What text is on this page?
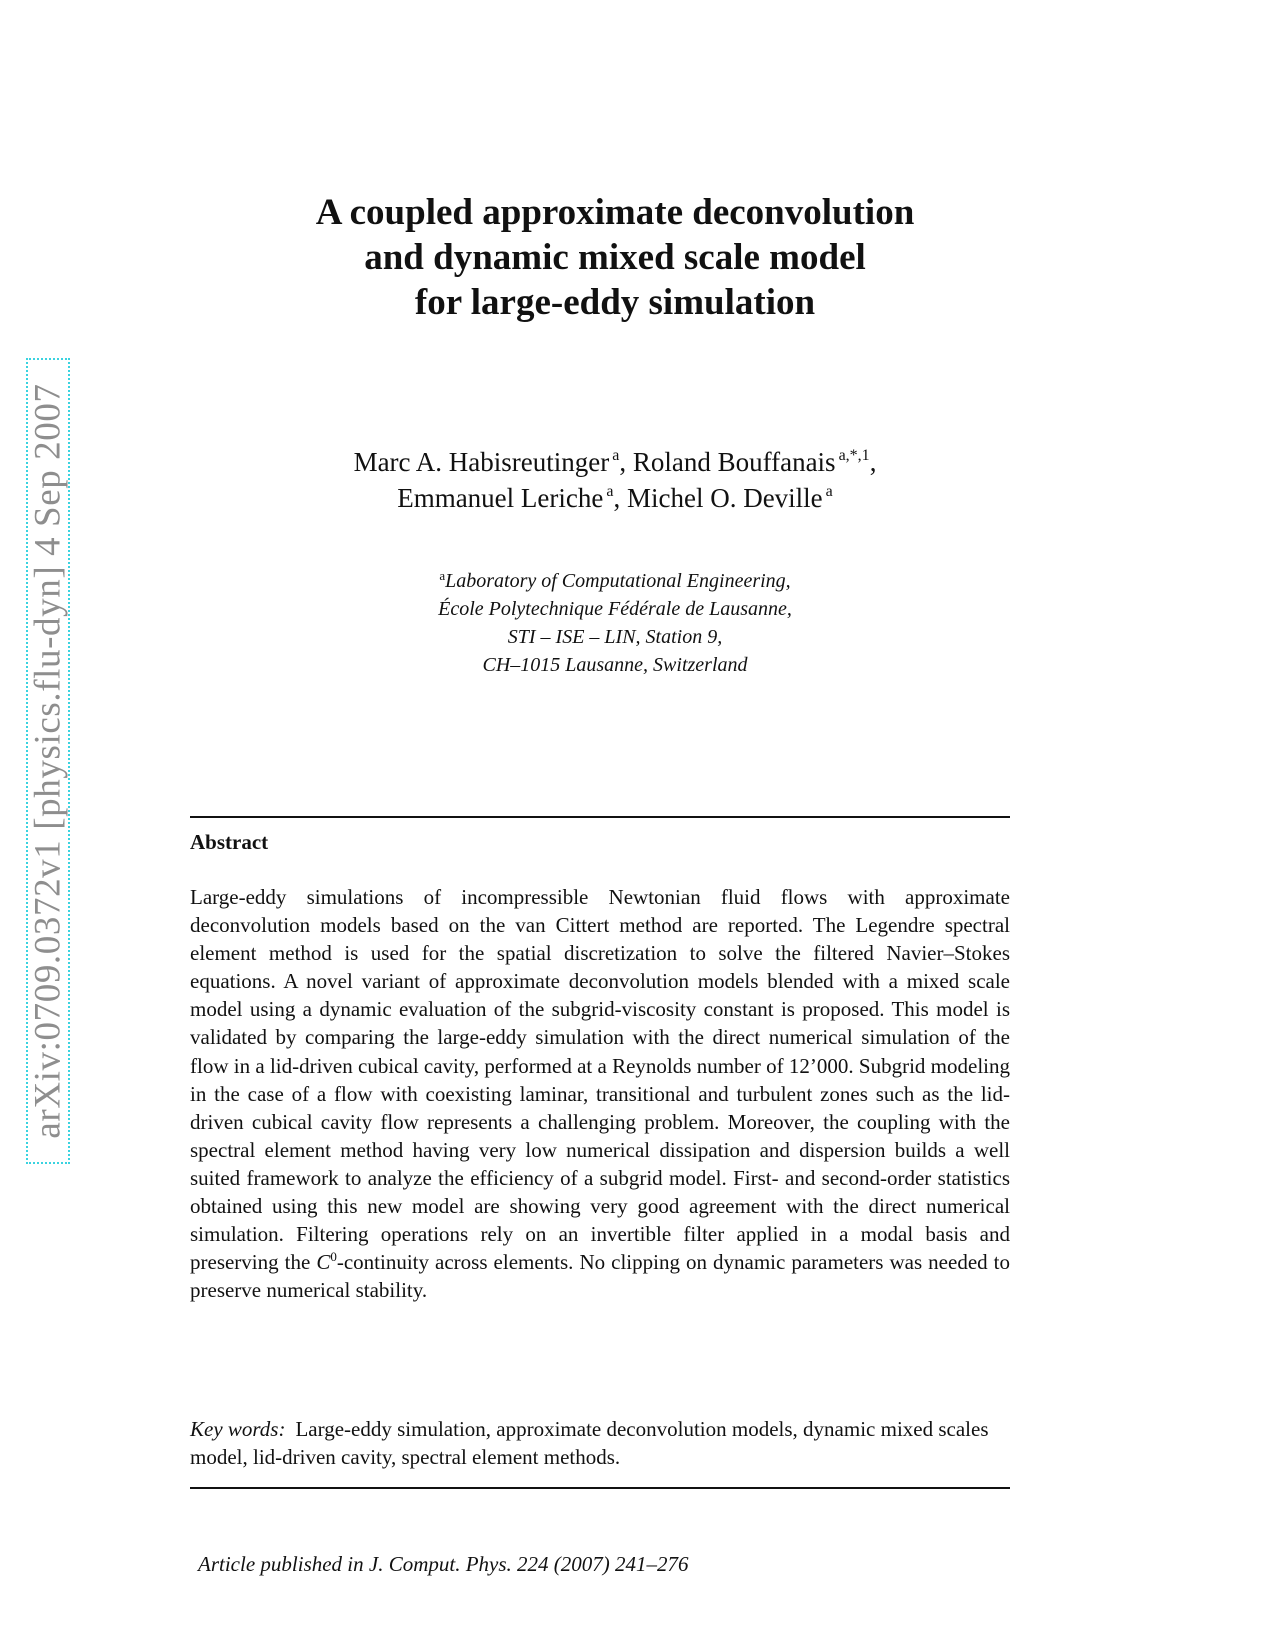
arXiv:0709.0372v1 [physics.flu-dyn] 4 Sep 2007
A coupled approximate deconvolution
and dynamic mixed scale model
for large-eddy simulation
Marc A. Habisreutinger $^a$, Roland Bouffanais $^{a,*,1}$,
Emmanuel Leriche $^a$, Michel O. Deville $^a$
$^a$Laboratory of Computational Engineering,
École Polytechnique Fédérale de Lausanne,
STI – ISE – LIN, Station 9,
CH–1015 Lausanne, Switzerland
Abstract
Large-eddy simulations of incompressible Newtonian fluid flows with approximate deconvolution models based on the van Cittert method are reported. The Legendre spectral element method is used for the spatial discretization to solve the filtered Navier–Stokes equations. A novel variant of approximate deconvolution models blended with a mixed scale model using a dynamic evaluation of the subgrid-viscosity constant is proposed. This model is validated by comparing the large-eddy simulation with the direct numerical simulation of the flow in a lid-driven cubical cavity, performed at a Reynolds number of 12’000. Subgrid modeling in the case of a flow with coexisting laminar, transitional and turbulent zones such as the lid-driven cubical cavity flow represents a challenging problem. Moreover, the coupling with the spectral element method having very low numerical dissipation and dispersion builds a well suited framework to analyze the efficiency of a subgrid model. First- and second-order statistics obtained using this new model are showing very good agreement with the direct numerical simulation. Filtering operations rely on an invertible filter applied in a modal basis and preserving the $C^0$-continuity across elements. No clipping on dynamic parameters was needed to preserve numerical stability.
Key words: Large-eddy simulation, approximate deconvolution models, dynamic mixed scales model, lid-driven cavity, spectral element methods.
Article published in J. Comput. Phys. 224 (2007) 241–276
